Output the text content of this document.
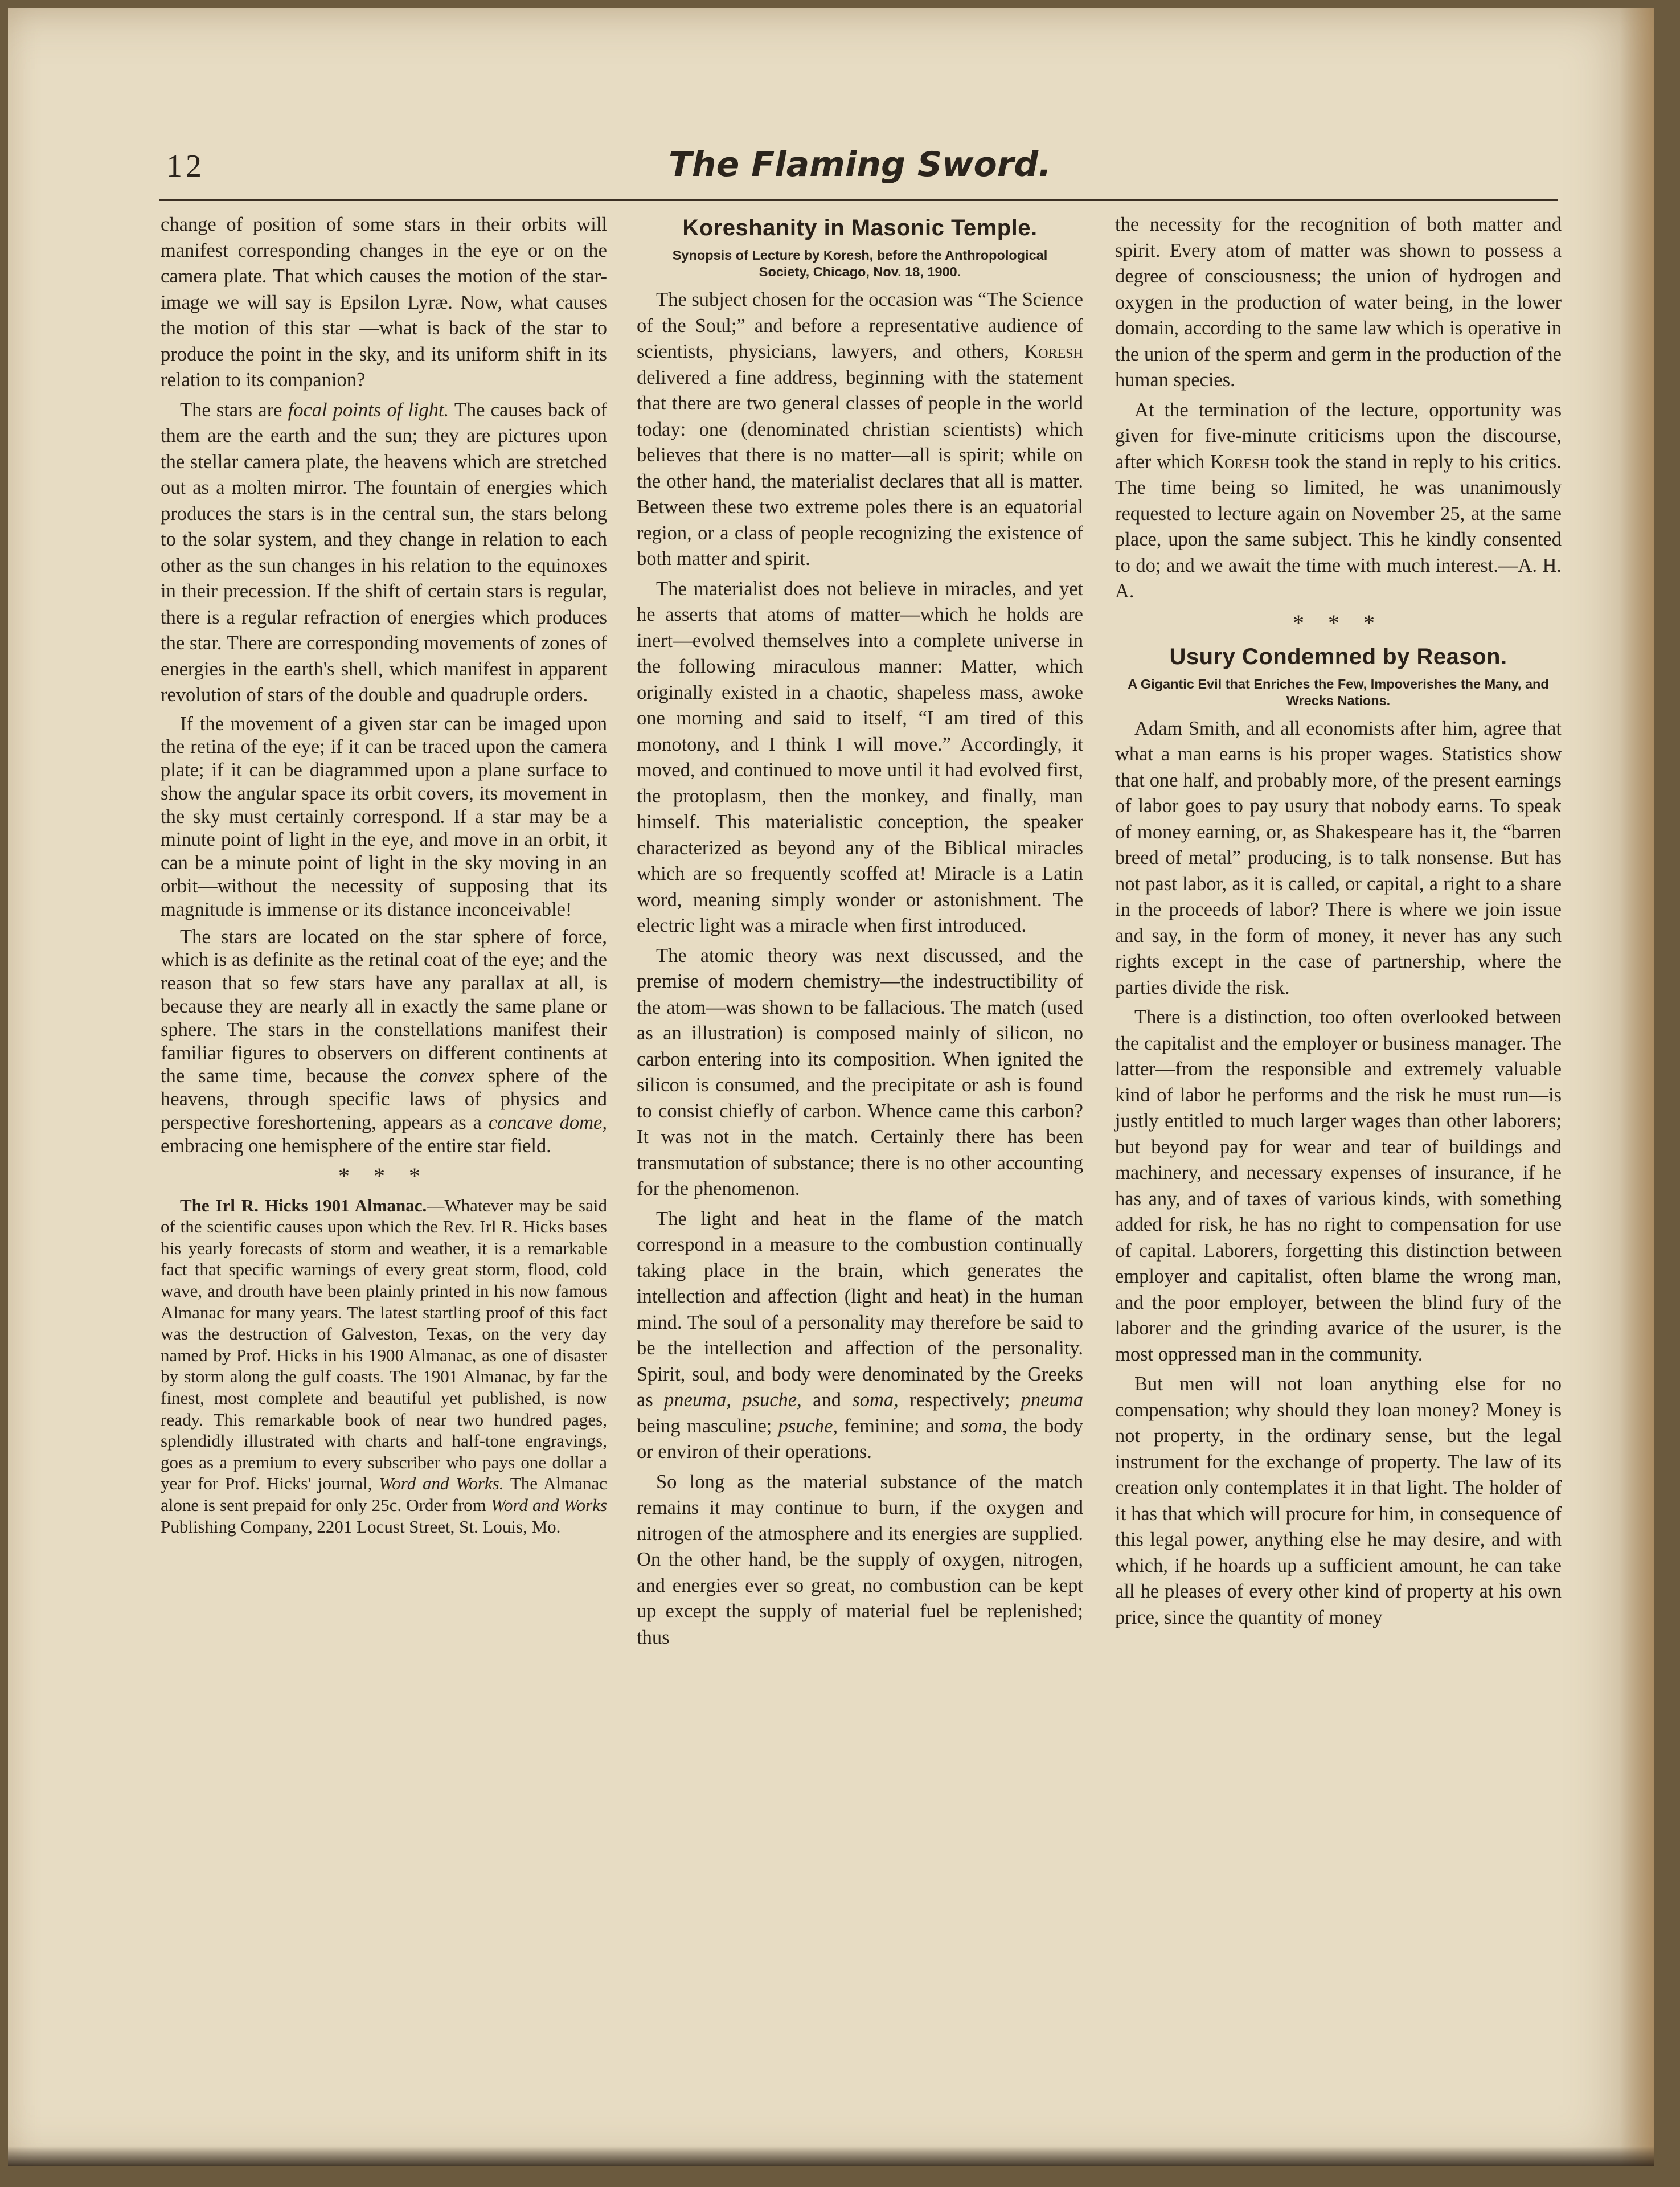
12	The Flaming Sword.

change of position of some stars in their orbits will manifest corresponding changes in the eye or on the camera plate. That which causes the motion of the star-image we will say is Epsilon Lyræ. Now, what causes the motion of this star —what is back of the star to produce the point in the sky, and its uniform shift in its relation to its companion?

The stars are focal points of light. The causes back of them are the earth and the sun; they are pictures upon the stellar camera plate, the heavens which are stretched out as a molten mirror. The fountain of energies which produces the stars is in the central sun, the stars belong to the solar system, and they change in relation to each other as the sun changes in his relation to the equinoxes in their precession. If the shift of certain stars is regular, there is a regular refraction of energies which produces the star. There are corresponding movements of zones of energies in the earth's shell, which manifest in apparent revolution of stars of the double and quadruple orders.

If the movement of a given star can be imaged upon the retina of the eye; if it can be traced upon the camera plate; if it can be diagrammed upon a plane surface to show the angular space its orbit covers, its movement in the sky must certainly correspond. If a star may be a minute point of light in the eye, and move in an orbit, it can be a minute point of light in the sky moving in an orbit—without the necessity of supposing that its magnitude is immense or its distance inconceivable!

The stars are located on the star sphere of force, which is as definite as the retinal coat of the eye; and the reason that so few stars have any parallax at all, is because they are nearly all in exactly the same plane or sphere. The stars in the constellations manifest their familiar figures to observers on different continents at the same time, because the convex sphere of the heavens, through specific laws of physics and perspective foreshortening, appears as a concave dome, embracing one hemisphere of the entire star field.

* * *

The Irl R. Hicks 1901 Almanac.—Whatever may be said of the scientific causes upon which the Rev. Irl R. Hicks bases his yearly forecasts of storm and weather, it is a remarkable fact that specific warnings of every great storm, flood, cold wave, and drouth have been plainly printed in his now famous Almanac for many years. The latest startling proof of this fact was the destruction of Galveston, Texas, on the very day named by Prof. Hicks in his 1900 Almanac, as one of disaster by storm along the gulf coasts. The 1901 Almanac, by far the finest, most complete and beautiful yet published, is now ready. This remarkable book of near two hundred pages, splendidly illustrated with charts and half-tone engravings, goes as a premium to every subscriber who pays one dollar a year for Prof. Hicks' journal, Word and Works. The Almanac alone is sent prepaid for only 25c. Order from Word and Works Publishing Company, 2201 Locust Street, St. Louis, Mo.

Koreshanity in Masonic Temple.
Synopsis of Lecture by Koresh, before the Anthropological Society, Chicago, Nov. 18, 1900.

The subject chosen for the occasion was “The Science of the Soul;” and before a representative audience of scientists, physicians, lawyers, and others, Koresh delivered a fine address, beginning with the statement that there are two general classes of people in the world today: one (denominated christian scientists) which believes that there is no matter—all is spirit; while on the other hand, the materialist declares that all is matter. Between these two extreme poles there is an equatorial region, or a class of people recognizing the existence of both matter and spirit.

The materialist does not believe in miracles, and yet he asserts that atoms of matter—which he holds are inert—evolved themselves into a complete universe in the following miraculous manner: Matter, which originally existed in a chaotic, shapeless mass, awoke one morning and said to itself, “I am tired of this monotony, and I think I will move.” Accordingly, it moved, and continued to move until it had evolved first, the protoplasm, then the monkey, and finally, man himself. This materialistic conception, the speaker characterized as beyond any of the Biblical miracles which are so frequently scoffed at! Miracle is a Latin word, meaning simply wonder or astonishment. The electric light was a miracle when first introduced.

The atomic theory was next discussed, and the premise of modern chemistry—the indestructibility of the atom—was shown to be fallacious. The match (used as an illustration) is composed mainly of silicon, no carbon entering into its composition. When ignited the silicon is consumed, and the precipitate or ash is found to consist chiefly of carbon. Whence came this carbon? It was not in the match. Certainly there has been transmutation of substance; there is no other accounting for the phenomenon.

The light and heat in the flame of the match correspond in a measure to the combustion continually taking place in the brain, which generates the intellection and affection (light and heat) in the human mind. The soul of a personality may therefore be said to be the intellection and affection of the personality. Spirit, soul, and body were denominated by the Greeks as pneuma, psuche, and soma, respectively; pneuma being masculine; psuche, feminine; and soma, the body or environ of their operations.

So long as the material substance of the match remains it may continue to burn, if the oxygen and nitrogen of the atmosphere and its energies are supplied. On the other hand, be the supply of oxygen, nitrogen, and energies ever so great, no combustion can be kept up except the supply of material fuel be replenished; thus

the necessity for the recognition of both matter and spirit. Every atom of matter was shown to possess a degree of consciousness; the union of hydrogen and oxygen in the production of water being, in the lower domain, according to the same law which is operative in the union of the sperm and germ in the production of the human species.

At the termination of the lecture, opportunity was given for five-minute criticisms upon the discourse, after which Koresh took the stand in reply to his critics. The time being so limited, he was unanimously requested to lecture again on November 25, at the same place, upon the same subject. This he kindly consented to do; and we await the time with much interest.—A. H. A.

* * *
Usury Condemned by Reason.
A Gigantic Evil that Enriches the Few, Impoverishes the Many, and Wrecks Nations.

Adam Smith, and all economists after him, agree that what a man earns is his proper wages. Statistics show that one half, and probably more, of the present earnings of labor goes to pay usury that nobody earns. To speak of money earning, or, as Shakespeare has it, the “barren breed of metal” producing, is to talk nonsense. But has not past labor, as it is called, or capital, a right to a share in the proceeds of labor? There is where we join issue and say, in the form of money, it never has any such rights except in the case of partnership, where the parties divide the risk.

There is a distinction, too often overlooked between the capitalist and the employer or business manager. The latter—from the responsible and extremely valuable kind of labor he performs and the risk he must run—is justly entitled to much larger wages than other laborers; but beyond pay for wear and tear of buildings and machinery, and necessary expenses of insurance, if he has any, and of taxes of various kinds, with something added for risk, he has no right to compensation for use of capital. Laborers, forgetting this distinction between employer and capitalist, often blame the wrong man, and the poor employer, between the blind fury of the laborer and the grinding avarice of the usurer, is the most oppressed man in the community.

But men will not loan anything else for no compensation; why should they loan money? Money is not property, in the ordinary sense, but the legal instrument for the exchange of property. The law of its creation only contemplates it in that light. The holder of it has that which will procure for him, in consequence of this legal power, anything else he may desire, and with which, if he hoards up a sufficient amount, he can take all he pleases of every other kind of property at his own price, since the quantity of money
